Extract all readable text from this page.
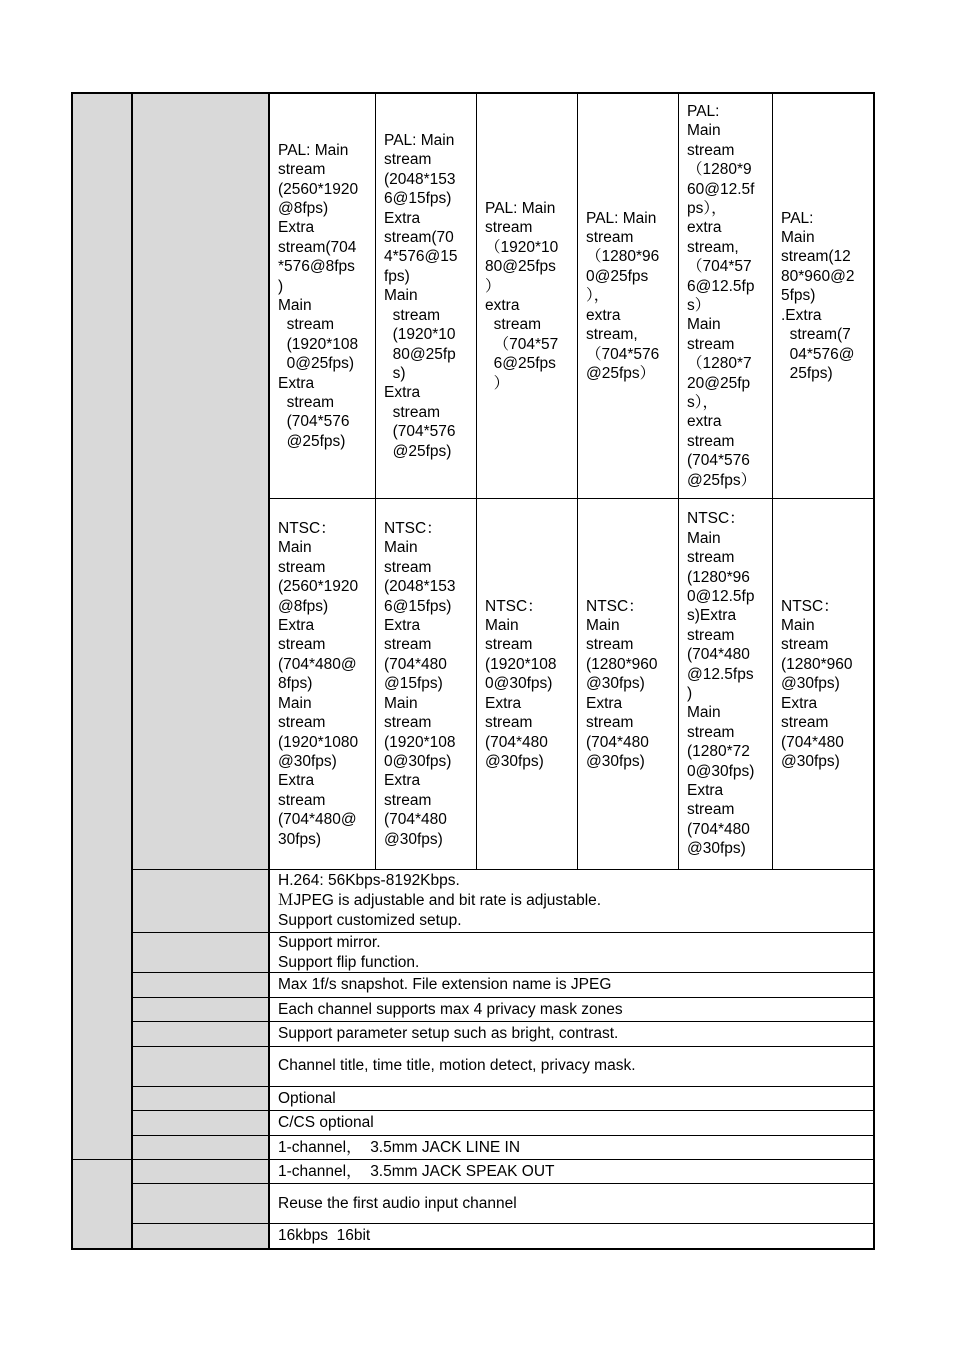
PAL: Main
stream
(2560*1920
@8fps)
Extra
stream(704
*576@8fps
)
Main
stream
(1920*108
0@25fps)
Extra
stream
(704*576
@25fps)
PAL: Main
stream
(2048*153
6@15fps)
Extra
stream(70
4*576@15
fps)
Main
stream
(1920*10
80@25fp
s)
Extra
stream
(704*576
@25fps)
PAL: Main
stream
（1920*10
80@25fps
）
extra
stream
（704*57
6@25fps
）
PAL: Main
stream
（1280*96
0@25fps
），
extra
stream,
（704*576
@25fps）
PAL:
Main
stream
（1280*9
60@12.5f
ps），
extra
stream,
（704*57
6@12.5fp
s）
Main
stream
（1280*7
20@25fp
s），
extra
stream
(704*576
@25fps）
PAL:
Main
stream(12
80*960@2
5fps)
.Extra
stream(7
04*576@
25fps)
NTSC：
Main
stream
(2560*1920
@8fps)
Extra
stream
(704*480@
8fps)
Main
stream
(1920*1080
@30fps)
Extra
stream
(704*480@
30fps)
NTSC：
Main
stream
(2048*153
6@15fps)
Extra
stream
(704*480
@15fps)
Main
stream
(1920*108
0@30fps)
Extra
stream
(704*480
@30fps)
NTSC：
Main
stream
(1920*108
0@30fps)
Extra
stream
(704*480
@30fps)
NTSC：
Main
stream
(1280*960
@30fps)
Extra
stream
(704*480
@30fps)
NTSC：
Main
stream
(1280*96
0@12.5fp
s)Extra
stream
(704*480
@12.5fps
)
Main
stream
(1280*72
0@30fps)
Extra
stream
(704*480
@30fps)
NTSC：
Main
stream
(1280*960
@30fps)
Extra
stream
(704*480
@30fps)
H.264: 56Kbps-8192Kbps.
ＭJPEG is adjustable and bit rate is adjustable.
Support customized setup.
Support mirror.
Support flip function.
Max 1f/s snapshot. File extension name is JPEG
Each channel supports max 4 privacy mask zones
Support parameter setup such as bright, contrast.
Channel title, time title, motion detect, privacy mask.
Optional
C/CS optional
1-channel，  3.5mm JACK LINE IN
1-channel，  3.5mm JACK SPEAK OUT
Reuse the first audio input channel
16kbps  16bit
